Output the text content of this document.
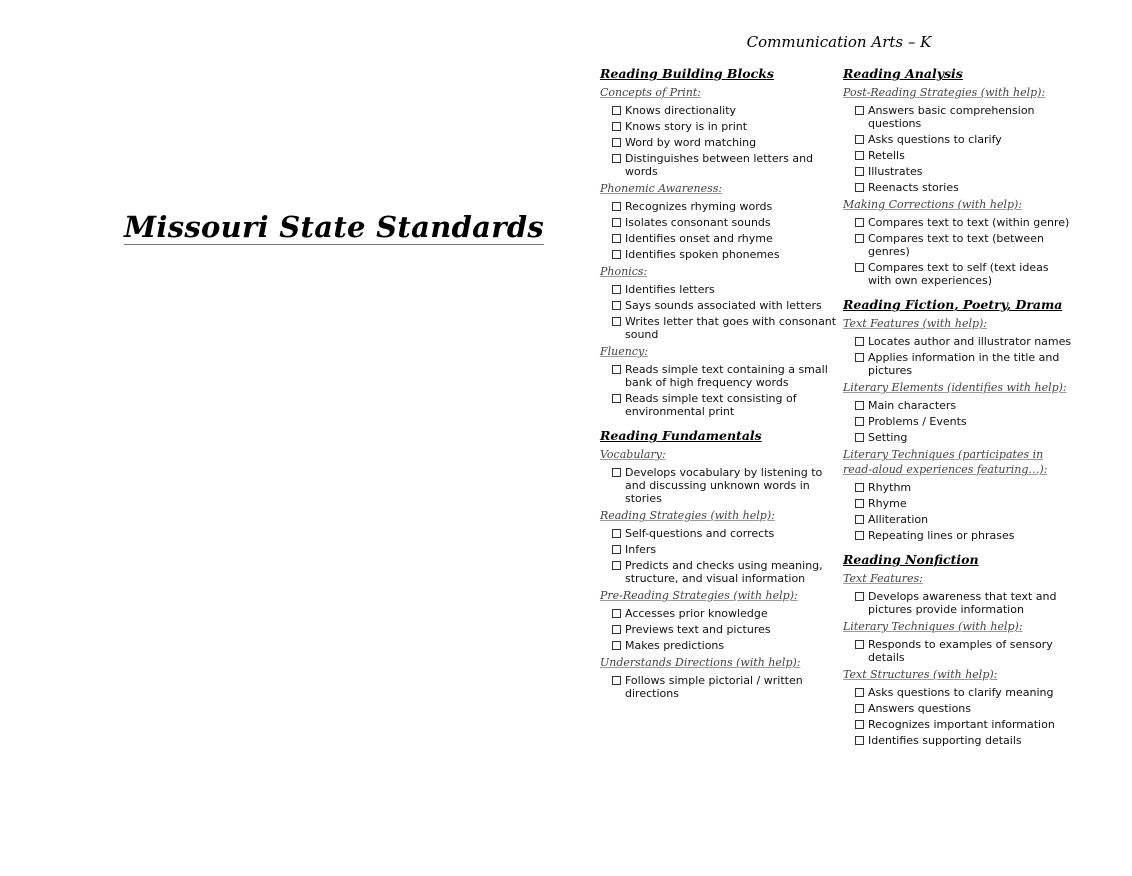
Missouri State Standards
Communication Arts – K
Reading Building Blocks
Concepts of Print:
Knows directionality
Knows story is in print
Word by word matching
Distinguishes between letters and words
Phonemic Awareness:
Recognizes rhyming words
Isolates consonant sounds
Identifies onset and rhyme
Identifies spoken phonemes
Phonics:
Identifies letters
Says sounds associated with letters
Writes letter that goes with consonant sound
Fluency:
Reads simple text containing a small bank of high frequency words
Reads simple text consisting of environmental print
Reading Fundamentals
Vocabulary:
Develops vocabulary by listening to and discussing unknown words in stories
Reading Strategies (with help):
Self-questions and corrects
Infers
Predicts and checks using meaning, structure, and visual information
Pre-Reading Strategies (with help):
Accesses prior knowledge
Previews text and pictures
Makes predictions
Understands Directions (with help):
Follows simple pictorial / written directions
Reading Analysis
Post-Reading Strategies (with help):
Answers basic comprehension questions
Asks questions to clarify
Retells
Illustrates
Reenacts stories
Making Corrections (with help):
Compares text to text (within genre)
Compares text to text (between genres)
Compares text to self (text ideas with own experiences)
Reading Fiction, Poetry, Drama
Text Features (with help):
Locates author and illustrator names
Applies information in the title and pictures
Literary Elements (identifies with help):
Main characters
Problems / Events
Setting
Literary Techniques (participates in read-aloud experiences featuring…):
Rhythm
Rhyme
Alliteration
Repeating lines or phrases
Reading Nonfiction
Text Features:
Develops awareness that text and pictures provide information
Literary Techniques (with help):
Responds to examples of sensory details
Text Structures (with help):
Asks questions to clarify meaning
Answers questions
Recognizes important information
Identifies supporting details
